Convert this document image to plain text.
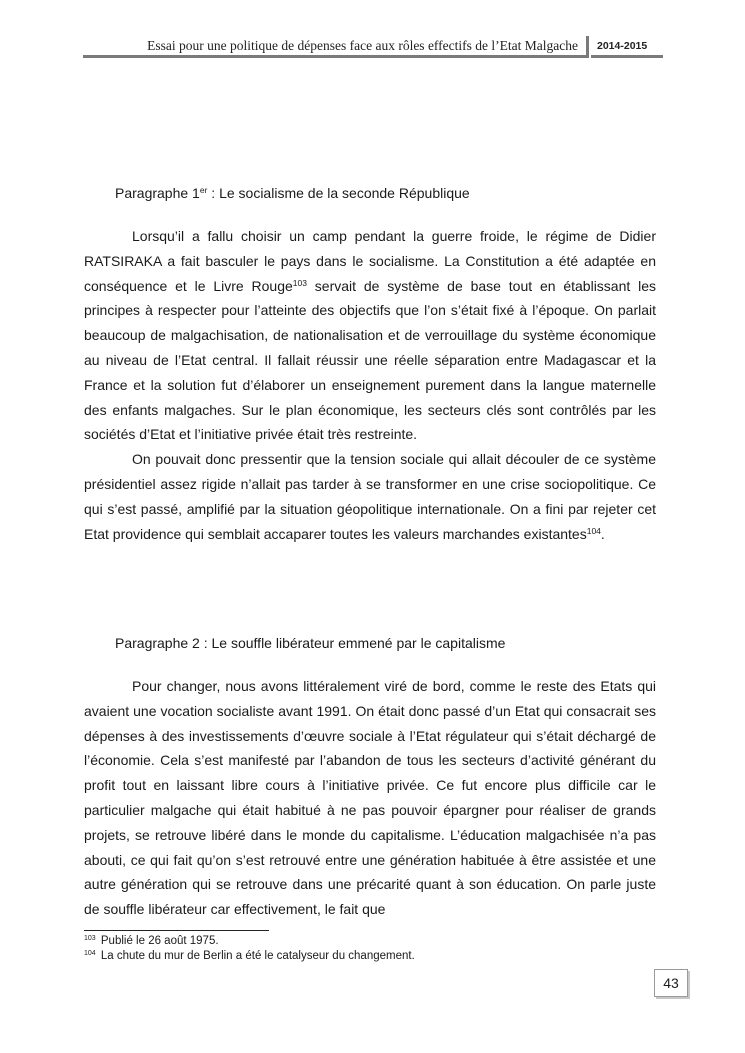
Essai pour une politique de dépenses face aux rôles effectifs de l’Etat Malgache 2014-2015
Paragraphe 1er : Le socialisme de la seconde République

Lorsqu’il a fallu choisir un camp pendant la guerre froide, le régime de Didier RATSIRAKA a fait basculer le pays dans le socialisme. La Constitution a été adaptée en conséquence et le Livre Rouge$^{103}$ servait de système de base tout en établissant les principes à respecter pour l’atteinte des objectifs que l’on s’était fixé à l’époque. On parlait beaucoup de malgachisation, de nationalisation et de verrouillage du système économique au niveau de l’Etat central. Il fallait réussir une réelle séparation entre Madagascar et la France et la solution fut d’élaborer un enseignement purement dans la langue maternelle des enfants malgaches. Sur le plan économique, les secteurs clés sont contrôlés par les sociétés d’Etat et l’initiative privée était très restreinte.

On pouvait donc pressentir que la tension sociale qui allait découler de ce système présidentiel assez rigide n’allait pas tarder à se transformer en une crise sociopolitique. Ce qui s’est passé, amplifié par la situation géopolitique internationale. On a fini par rejeter cet Etat providence qui semblait accaparer toutes les valeurs marchandes existantes$^{104}$.

Paragraphe 2 : Le souffle libérateur emmené par le capitalisme

Pour changer, nous avons littéralement viré de bord, comme le reste des Etats qui avaient une vocation socialiste avant 1991. On était donc passé d’un Etat qui consacrait ses dépenses à des investissements d’œuvre sociale à l’Etat régulateur qui s’était déchargé de l’économie. Cela s’est manifesté par l’abandon de tous les secteurs d’activité générant du profit tout en laissant libre cours à l’initiative privée. Ce fut encore plus difficile car le particulier malgache qui était habitué à ne pas pouvoir épargner pour réaliser de grands projets, se retrouve libéré dans le monde du capitalisme. L’éducation malgachisée n’a pas abouti, ce qui fait qu’on s’est retrouvé entre une génération habituée à être assistée et une autre génération qui se retrouve dans une précarité quant à son éducation. On parle juste de souffle libérateur car effectivement, le fait que

$^{103}$ Publié le 26 août 1975.
$^{104}$ La chute du mur de Berlin a été le catalyseur du changement.
43
